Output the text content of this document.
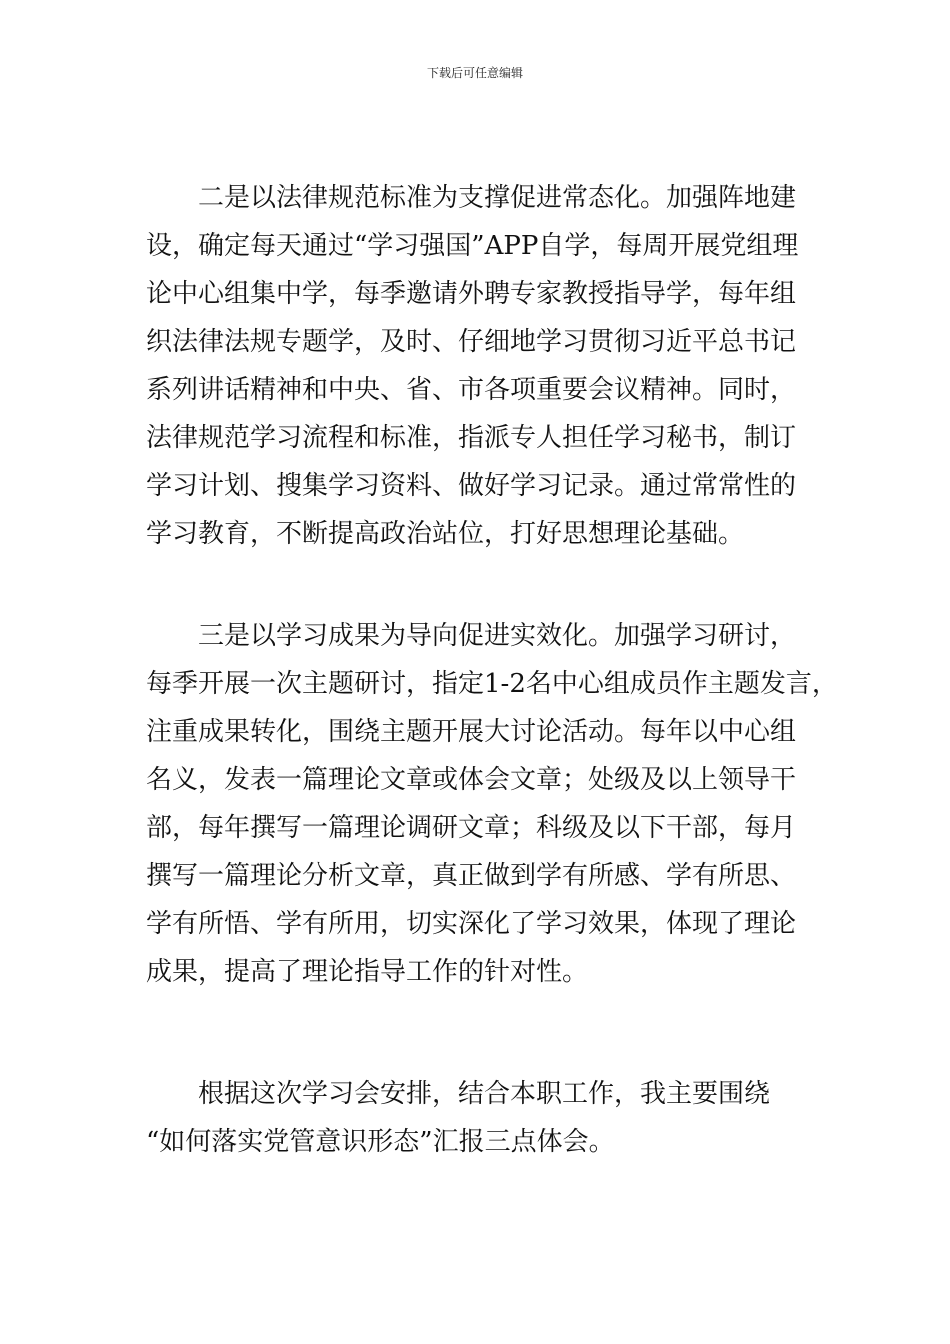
下载后可任意编辑
二是以法律规范标准为支撑促进常态化。加强阵地建
设，确定每天通过“学习强国”APP自学，每周开展党组理
论中心组集中学，每季邀请外聘专家教授指导学，每年组
织法律法规专题学，及时、仔细地学习贯彻习近平总书记
系列讲话精神和中央、省、市各项重要会议精神。同时，
法律规范学习流程和标准，指派专人担任学习秘书，制订
学习计划、搜集学习资料、做好学习记录。通过常常性的
学习教育，不断提高政治站位，打好思想理论基础。
三是以学习成果为导向促进实效化。加强学习研讨，
每季开展一次主题研讨，指定1-2名中心组成员作主题发言，
注重成果转化，围绕主题开展大讨论活动。每年以中心组
名义，发表一篇理论文章或体会文章；处级及以上领导干
部，每年撰写一篇理论调研文章；科级及以下干部，每月
撰写一篇理论分析文章，真正做到学有所感、学有所思、
学有所悟、学有所用，切实深化了学习效果，体现了理论
成果，提高了理论指导工作的针对性。
根据这次学习会安排，结合本职工作，我主要围绕
“如何落实党管意识形态”汇报三点体会。
